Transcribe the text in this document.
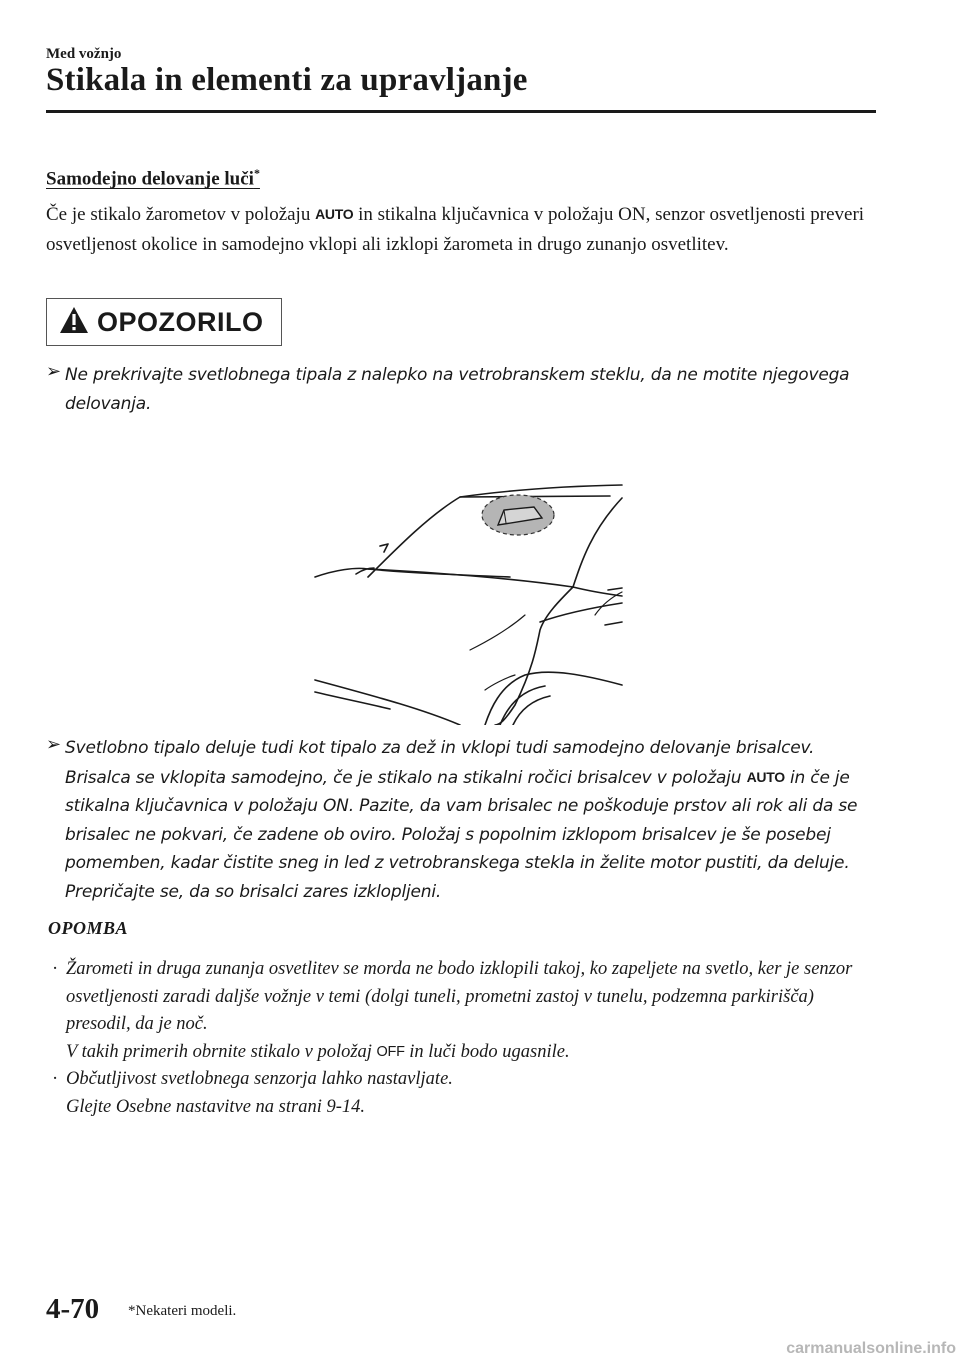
Med vožnjo
Stikala in elementi za upravljanje
Samodejno delovanje luči*
Če je stikalo žarometov v položaju AUTO in stikalna ključavnica v položaju ON, senzor osvetljenosti preveri osvetljenost okolice in samodejno vklopi ali izklopi žarometa in drugo zunanjo osvetlitev.
OPOZORILO
➢ Ne prekrivajte svetlobnega tipala z nalepko na vetrobranskem steklu, da ne motite njegovega delovanja.
➢ Svetlobno tipalo deluje tudi kot tipalo za dež in vklopi tudi samodejno delovanje brisalcev. Brisalca se vklopita samodejno, če je stikalo na stikalni ročici brisalcev v položaju AUTO in če je stikalna ključavnica v položaju ON. Pazite, da vam brisalec ne poškoduje prstov ali rok ali da se brisalec ne pokvari, če zadene ob oviro. Položaj s popolnim izklopom brisalcev je še posebej pomemben, kadar čistite sneg in led z vetrobranskega stekla in želite motor pustiti, da deluje. Prepričajte se, da so brisalci zares izklopljeni.
OPOMBA
· Žarometi in druga zunanja osvetlitev se morda ne bodo izklopili takoj, ko zapeljete na svetlo, ker je senzor osvetljenosti zaradi daljše vožnje v temi (dolgi tuneli, prometni zastoj v tunelu, podzemna parkirišča) presodil, da je noč.
V takih primerih obrnite stikalo v položaj OFF in luči bodo ugasnile.
· Občutljivost svetlobnega senzorja lahko nastavljate.
Glejte Osebne nastavitve na strani 9-14.
4-70 *Nekateri modeli.
carmanualsonline.info
